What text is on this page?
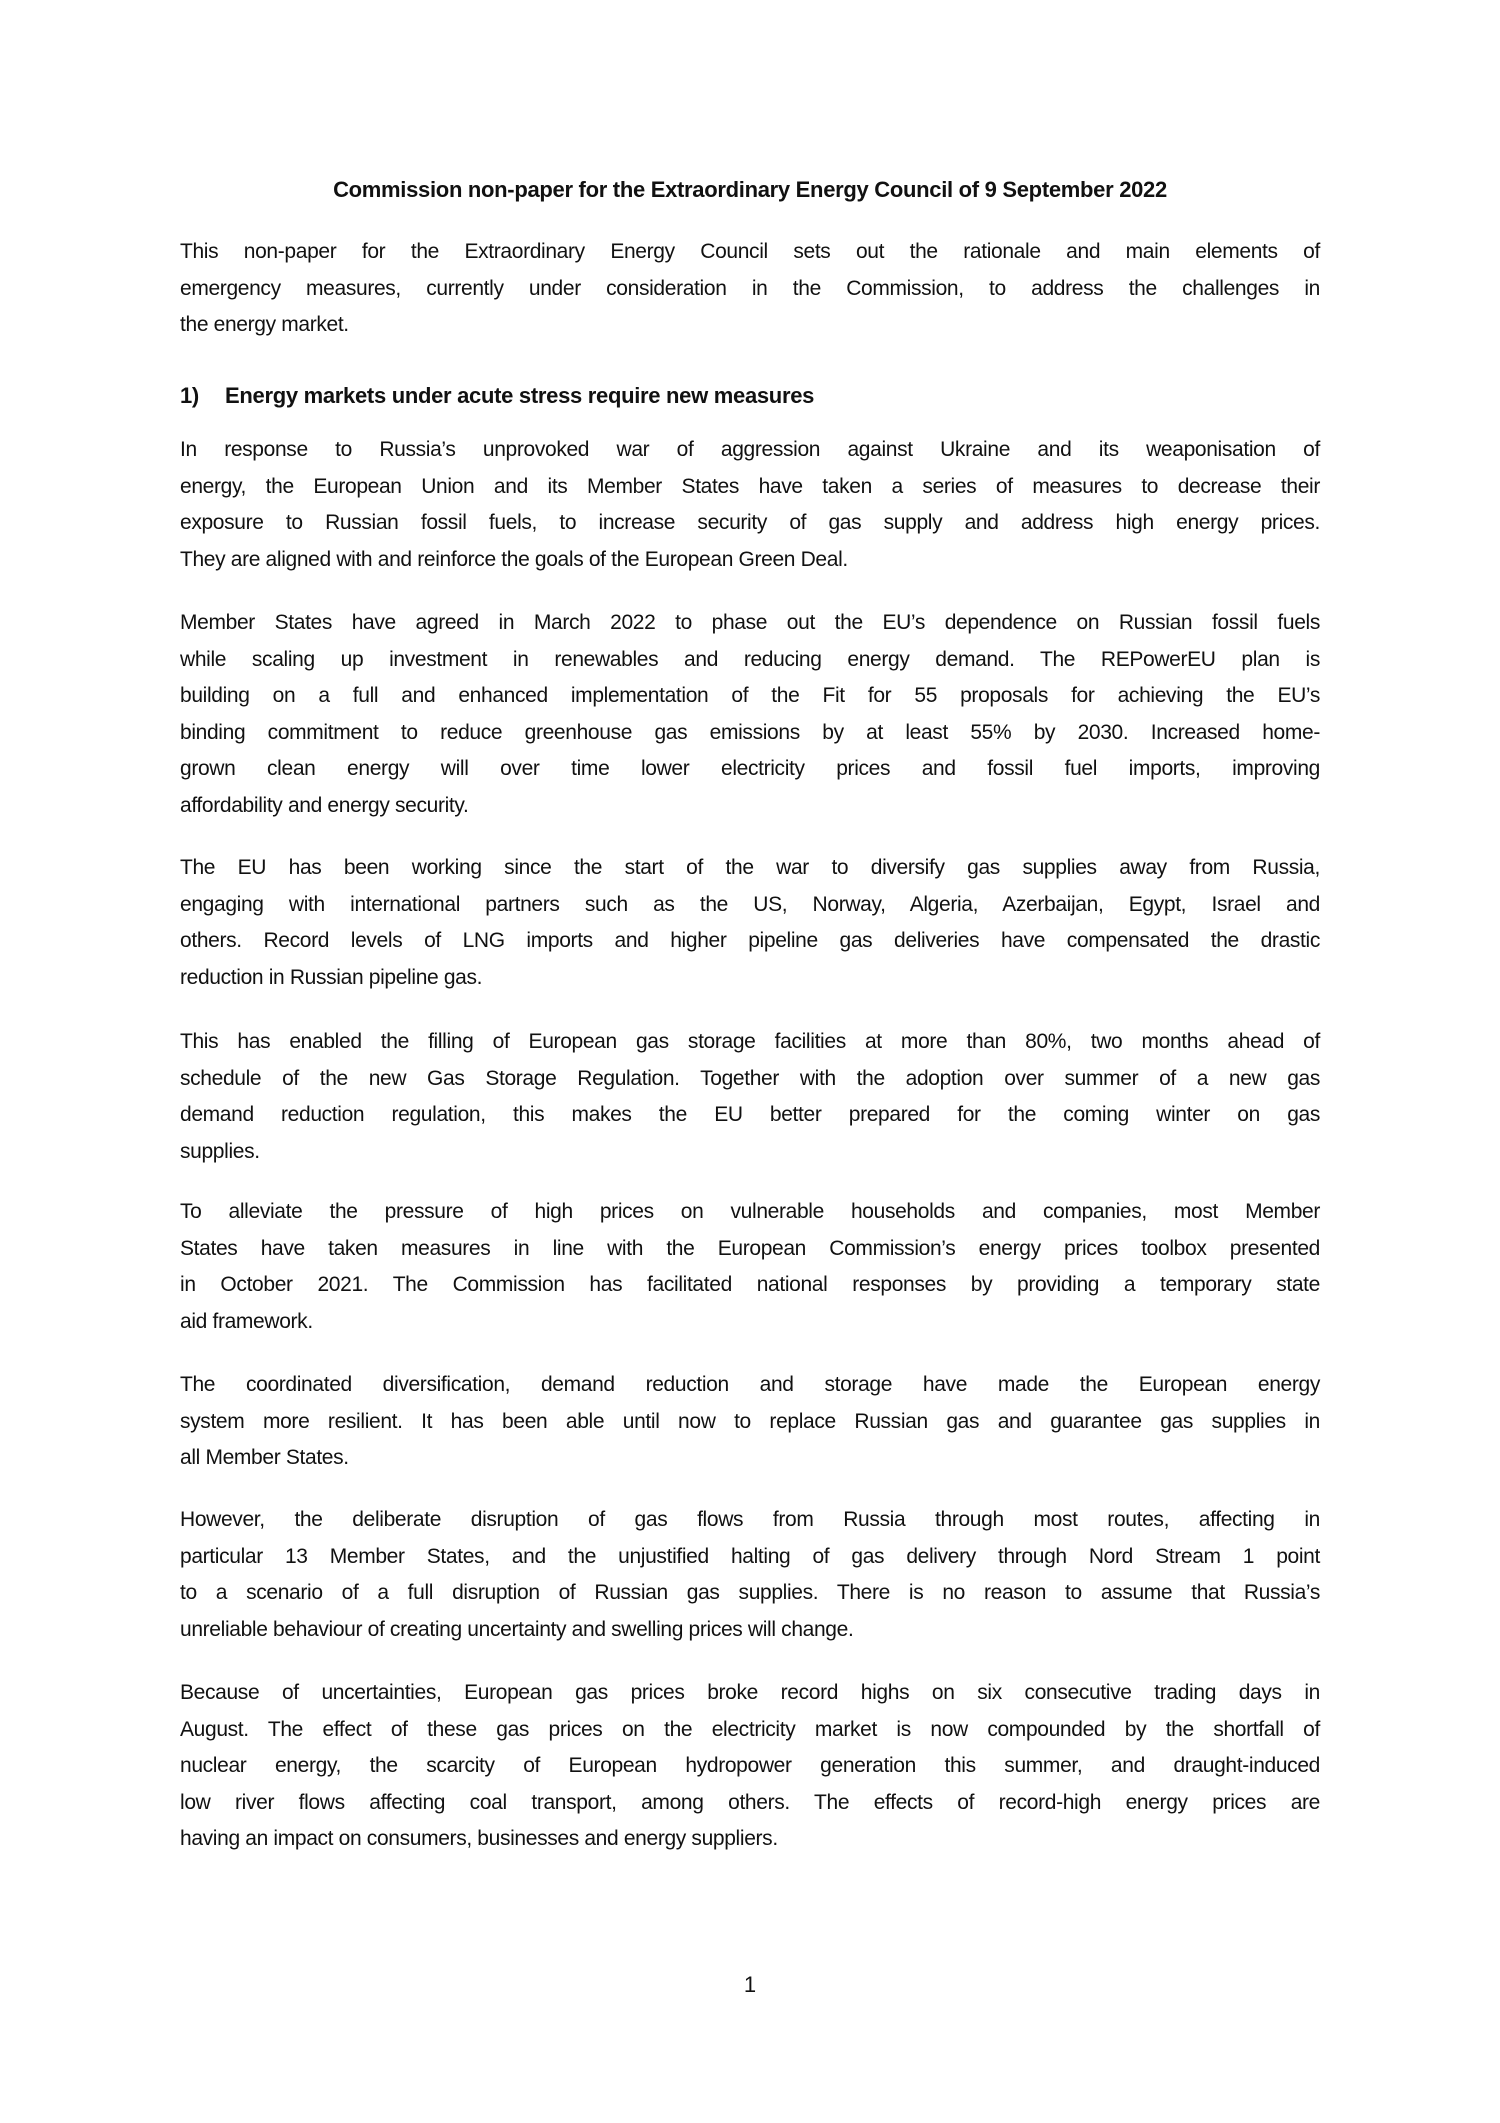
Commission non-paper for the Extraordinary Energy Council of 9 September 2022
This non-paper for the Extraordinary Energy Council sets out the rationale and main elements of
emergency measures, currently under consideration in the Commission, to address the challenges in
the energy market.
1)	Energy markets under acute stress require new measures
In response to Russia’s unprovoked war of aggression against Ukraine and its weaponisation of
energy, the European Union and its Member States have taken a series of measures to decrease their
exposure to Russian fossil fuels, to increase security of gas supply and address high energy prices.
They are aligned with and reinforce the goals of the European Green Deal.
Member States have agreed in March 2022 to phase out the EU’s dependence on Russian fossil fuels
while scaling up investment in renewables and reducing energy demand. The REPowerEU plan is
building on a full and enhanced implementation of the Fit for 55 proposals for achieving the EU’s
binding commitment to reduce greenhouse gas emissions by at least 55% by 2030. Increased home-
grown clean energy will over time lower electricity prices and fossil fuel imports, improving
affordability and energy security.
The EU has been working since the start of the war to diversify gas supplies away from Russia,
engaging with international partners such as the US, Norway, Algeria, Azerbaijan, Egypt, Israel and
others. Record levels of LNG imports and higher pipeline gas deliveries have compensated the drastic
reduction in Russian pipeline gas.
This has enabled the filling of European gas storage facilities at more than 80%, two months ahead of
schedule of the new Gas Storage Regulation. Together with the adoption over summer of a new gas
demand reduction regulation, this makes the EU better prepared for the coming winter on gas
supplies.
To alleviate the pressure of high prices on vulnerable households and companies, most Member
States have taken measures in line with the European Commission’s energy prices toolbox presented
in October 2021. The Commission has facilitated national responses by providing a temporary state
aid framework.
The coordinated diversification, demand reduction and storage have made the European energy
system more resilient. It has been able until now to replace Russian gas and guarantee gas supplies in
all Member States.
However, the deliberate disruption of gas flows from Russia through most routes, affecting in
particular 13 Member States, and the unjustified halting of gas delivery through Nord Stream 1 point
to a scenario of a full disruption of Russian gas supplies. There is no reason to assume that Russia’s
unreliable behaviour of creating uncertainty and swelling prices will change.
Because of uncertainties, European gas prices broke record highs on six consecutive trading days in
August. The effect of these gas prices on the electricity market is now compounded by the shortfall of
nuclear energy, the scarcity of European hydropower generation this summer, and draught-induced
low river flows affecting coal transport, among others. The effects of record-high energy prices are
having an impact on consumers, businesses and energy suppliers.
1
